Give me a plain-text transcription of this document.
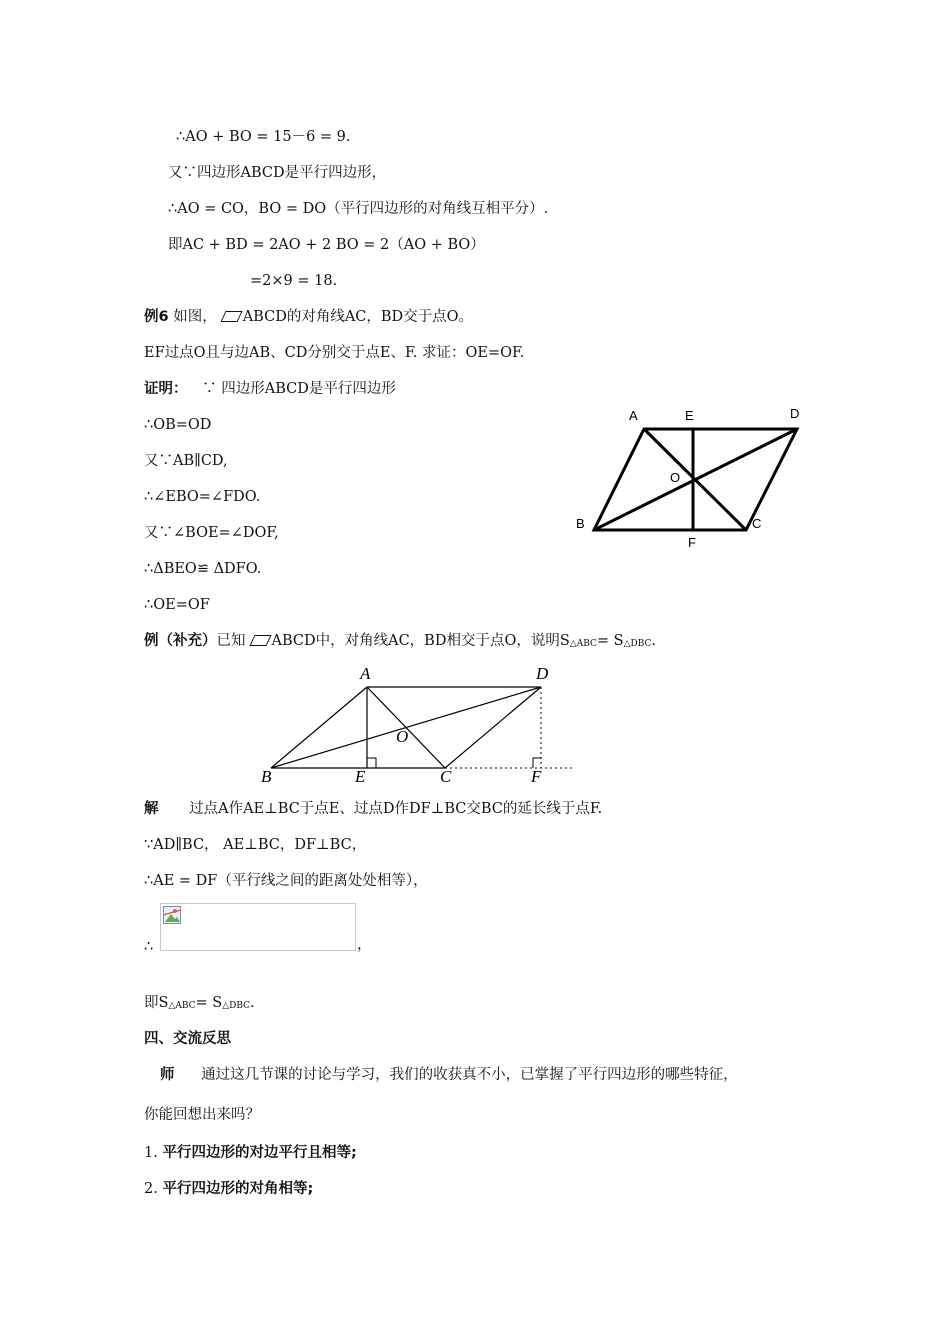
∴AO + BO = 15－6 = 9.
又∵四边形ABCD是平行四边形，
∴AO = CO，BO = DO（平行四边形的对角线互相平分）.
即AC + BD = 2AO + 2 BO = 2（AO + BO）
=2×9 = 18.
例6 如图， ABCD的对角线AC，BD交于点O。
EF过点O且与边AB、CD分别交于点E、F. 求证：OE=OF.
证明： ∵ 四边形ABCD是平行四边形
∴OB=OD
又∵AB∥CD,
∴∠EBO=∠FDO.
又∵∠BOE=∠DOF,
∴ΔBEO≌ ΔDFO.
∴OE=OF
A	E	D
O
B
F
C
例（补充）已知 ABCD中，对角线AC，BD相交于点O，说明S△ABC= S△DBC.
A	D
O
B	E	C	F
解 过点A作AE⊥BC于点E、过点D作DF⊥BC交BC的延长线于点F.
∵AD∥BC， AE⊥BC，DF⊥BC，
∴AE = DF（平行线之间的距离处处相等），
∴	，
即S△ABC= S△DBC.
四、交流反思
师 通过这几节课的讨论与学习，我们的收获真不小，已掌握了平行四边形的哪些特征，
你能回想出来吗？
1. 平行四边形的对边平行且相等;
2. 平行四边形的对角相等;
